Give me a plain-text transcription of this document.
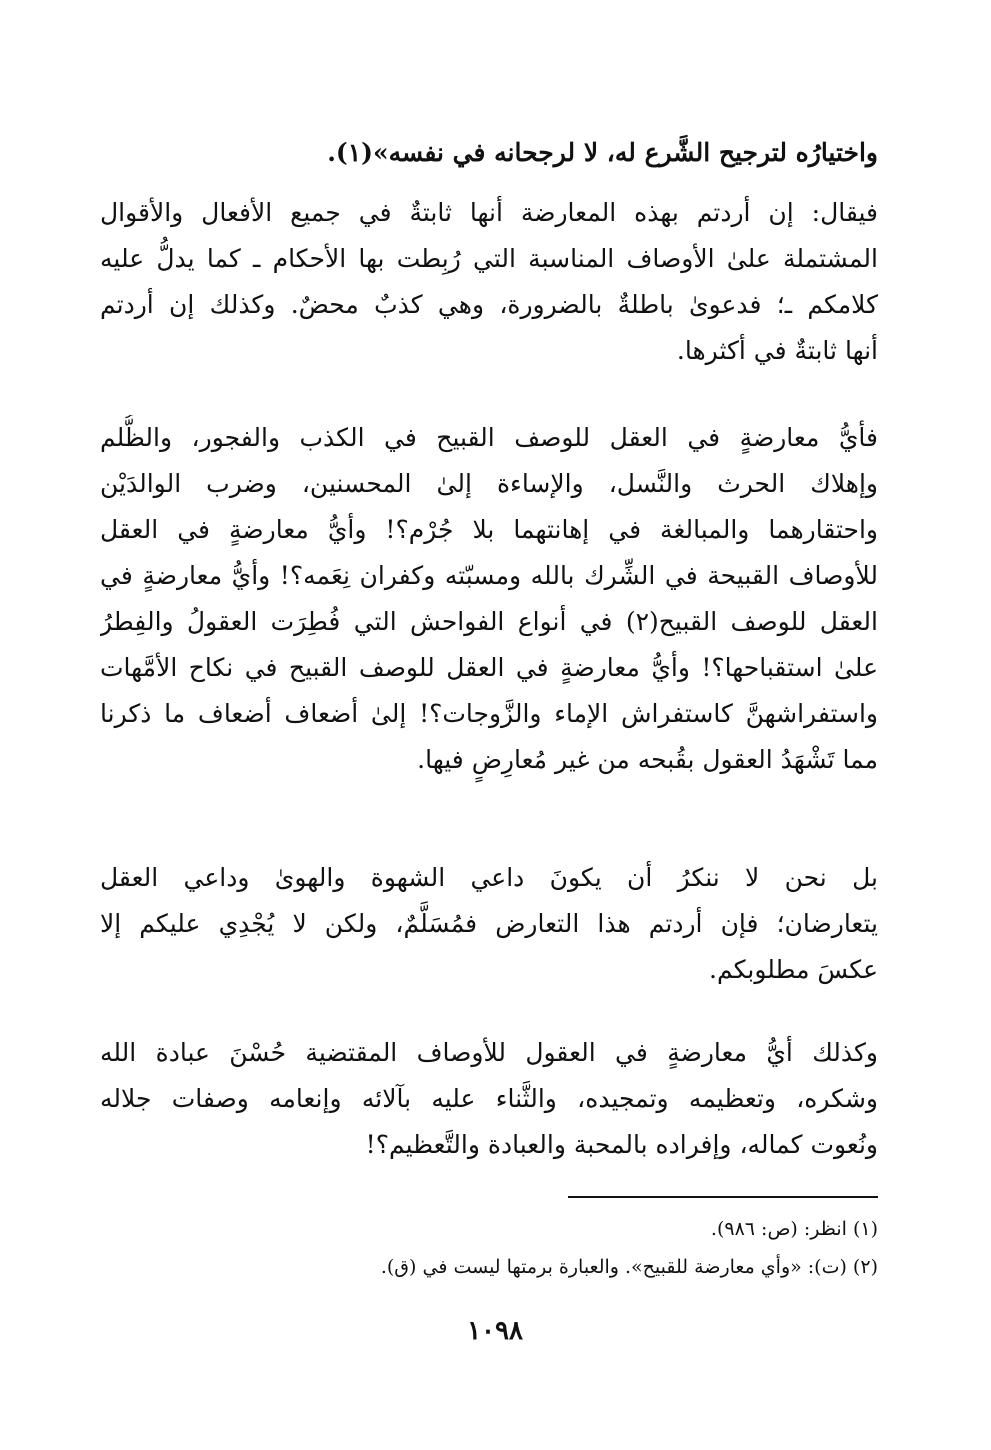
واختيارُه لترجيح الشَّرع له، لا لرجحانه في نفسه»(١).
فيقال: إن أردتم بهذه المعارضة أنها ثابتةٌ في جميع الأفعال والأقوال
المشتملة علىٰ الأوصاف المناسبة التي رُبِطت بها الأحكام ـ كما يدلُّ عليه
كلامكم ـ؛ فدعوىٰ باطلةٌ بالضرورة، وهي كذبٌ محضٌ. وكذلك إن أردتم
أنها ثابتةٌ في أكثرها.
فأيُّ معارضةٍ في العقل للوصف القبيح في الكذب والفجور، والظُّلم
وإهلاك الحرث والنَّسل، والإساءة إلىٰ المحسنين، وضرب الوالدَيْن
واحتقارهما والمبالغة في إهانتهما بلا جُرْم؟! وأيُّ معارضةٍ في العقل
للأوصاف القبيحة في الشِّرك بالله ومسبّته وكفران نِعَمه؟! وأيُّ معارضةٍ في
العقل للوصف القبيح(٢) في أنواع الفواحش التي فُطِرَت العقولُ والفِطرُ
علىٰ استقباحها؟! وأيُّ معارضةٍ في العقل للوصف القبيح في نكاح الأمَّهات
واستفراشهنَّ كاستفراش الإماء والزَّوجات؟! إلىٰ أضعاف أضعاف ما ذكرنا
مما تَشْهَدُ العقول بقُبحه من غير مُعارِضٍ فيها.
بل نحن لا ننكرُ أن يكونَ داعي الشهوة والهوىٰ وداعي العقل
يتعارضان؛ فإن أردتم هذا التعارض فمُسَلَّمٌ، ولكن لا يُجْدِي عليكم إلا
عكسَ مطلوبكم.
وكذلك أيُّ معارضةٍ في العقول للأوصاف المقتضية حُسْنَ عبادة الله
وشكره، وتعظيمه وتمجيده، والثَّناء عليه بآلائه وإنعامه وصفات جلاله
ونُعوت كماله، وإفراده بالمحبة والعبادة والتَّعظيم؟!
(١) انظر: (ص: ٩٨٦).
(٢) (ت): «وأي معارضة للقبيح». والعبارة برمتها ليست في (ق).
١٠٩٨
